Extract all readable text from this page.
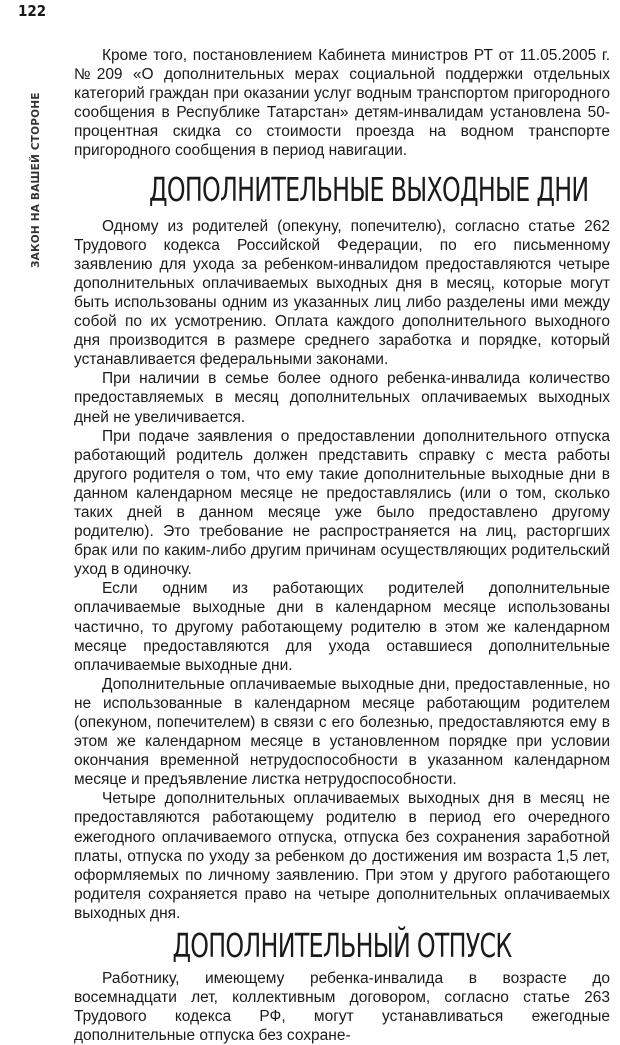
122
ЗАКОН НА ВАШЕЙ СТОРОНЕ

Кроме того, постановлением Кабинета министров РТ от 11.05.2005 г. №209 «О дополнительных мерах социальной поддержки отдельных категорий граждан при оказании услуг водным транспортом пригородного сообщения в Республике Татарстан» детям-инвалидам установлена 50-процентная скидка со стоимости проезда на водном транспорте пригородного сообщения в период навигации.

ДОПОЛНИТЕЛЬНЫЕ ВЫХОДНЫЕ ДНИ

Одному из родителей (опекуну, попечителю), согласно статье 262 Трудового кодекса Российской Федерации, по его письменному заявлению для ухода за ребенком-инвалидом предоставляются четыре дополнительных оплачиваемых выходных дня в месяц, которые могут быть использованы одним из указанных лиц либо разделены ими между собой по их усмотрению. Оплата каждого дополнительного выходного дня производится в размере среднего заработка и порядке, который устанавливается федеральными законами.

При наличии в семье более одного ребенка-инвалида количество предоставляемых в месяц дополнительных оплачиваемых выходных дней не увеличивается.

При подаче заявления о предоставлении дополнительного отпуска работающий родитель должен представить справку с места работы другого родителя о том, что ему такие дополнительные выходные дни в данном календарном месяце не предоставлялись (или о том, сколько таких дней в данном месяце уже было предоставлено другому родителю). Это требование не распространяется на лиц, расторгших брак или по каким-либо другим причинам осуществляющих родительский уход в одиночку.

Если одним из работающих родителей дополнительные оплачиваемые выходные дни в календарном месяце использованы частично, то другому работающему родителю в этом же календарном месяце предоставляются для ухода оставшиеся дополнительные оплачиваемые выходные дни.

Дополнительные оплачиваемые выходные дни, предоставленные, но не использованные в календарном месяце работающим родителем (опекуном, попечителем) в связи с его болезнью, предоставляются ему в этом же календарном месяце в установленном порядке при условии окончания временной нетрудоспособности в указанном календарном месяце и предъявление листка нетрудоспособности.

Четыре дополнительных оплачиваемых выходных дня в месяц не предоставляются работающему родителю в период его очередного ежегодного оплачиваемого отпуска, отпуска без сохранения заработной платы, отпуска по уходу за ребенком до достижения им возраста 1,5 лет, оформляемых по личному заявлению. При этом у другого работающего родителя сохраняется право на четыре дополнительных оплачиваемых выходных дня.

ДОПОЛНИТЕЛЬНЫЙ ОТПУСК

Работнику, имеющему ребенка-инвалида в возрасте до восемнадцати лет, коллективным договором, согласно статье 263 Трудового кодекса РФ, могут устанавливаться ежегодные дополнительные отпуска без сохране-
